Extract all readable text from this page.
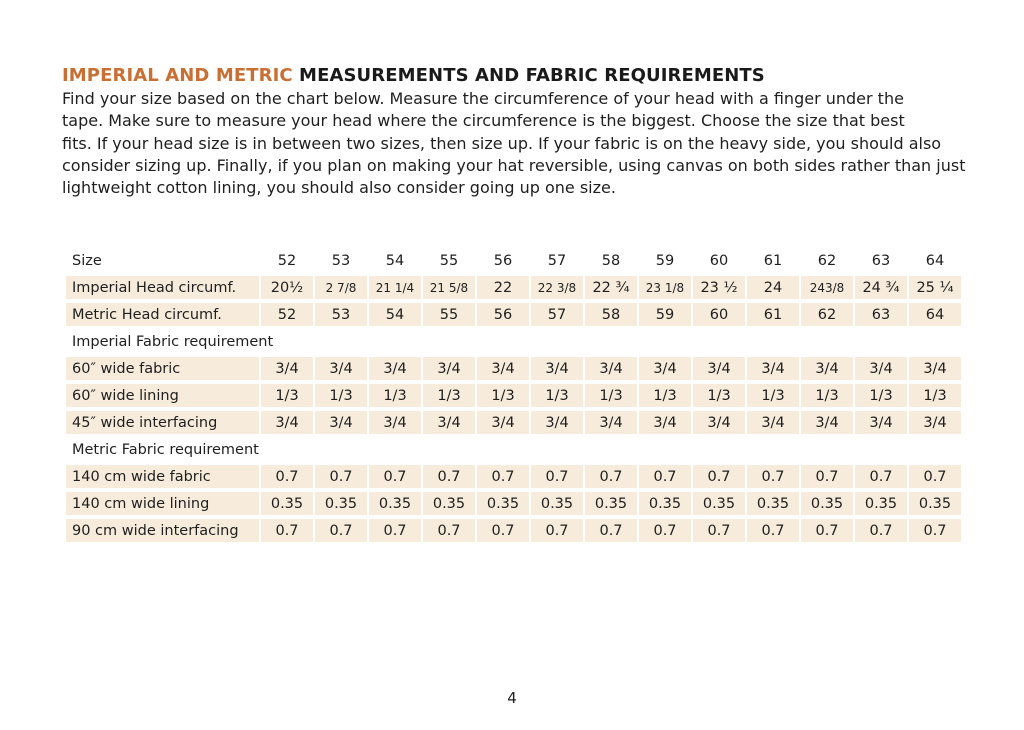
IMPERIAL AND METRIC MEASUREMENTS AND FABRIC REQUIREMENTS
Find your size based on the chart below. Measure the circumference of your head with a finger under the
tape. Make sure to measure your head where the circumference is the biggest. Choose the size that best
fits. If your head size is in between two sizes, then size up. If your fabric is on the heavy side, you should also
consider sizing up. Finally, if you plan on making your hat reversible, using canvas on both sides rather than just
lightweight cotton lining, you should also consider going up one size.
Size	52	53	54	55	56	57	58	59	60	61	62	63	64
Imperial Head circumf.	20½	2 7/8	21 1/4	21 5/8	22	22 3/8	22 ¾	23 1/8	23 ½	24	243/8	24 ¾	25 ¼
Metric Head circumf.	52	53	54	55	56	57	58	59	60	61	62	63	64
Imperial Fabric requirement													
60″ wide fabric	3/4	3/4	3/4	3/4	3/4	3/4	3/4	3/4	3/4	3/4	3/4	3/4	3/4
60″ wide lining	1/3	1/3	1/3	1/3	1/3	1/3	1/3	1/3	1/3	1/3	1/3	1/3	1/3
45″ wide interfacing	3/4	3/4	3/4	3/4	3/4	3/4	3/4	3/4	3/4	3/4	3/4	3/4	3/4
Metric Fabric requirement													
140 cm wide fabric	0.7	0.7	0.7	0.7	0.7	0.7	0.7	0.7	0.7	0.7	0.7	0.7	0.7
140 cm wide lining	0.35	0.35	0.35	0.35	0.35	0.35	0.35	0.35	0.35	0.35	0.35	0.35	0.35
90 cm wide interfacing	0.7	0.7	0.7	0.7	0.7	0.7	0.7	0.7	0.7	0.7	0.7	0.7	0.7
4
